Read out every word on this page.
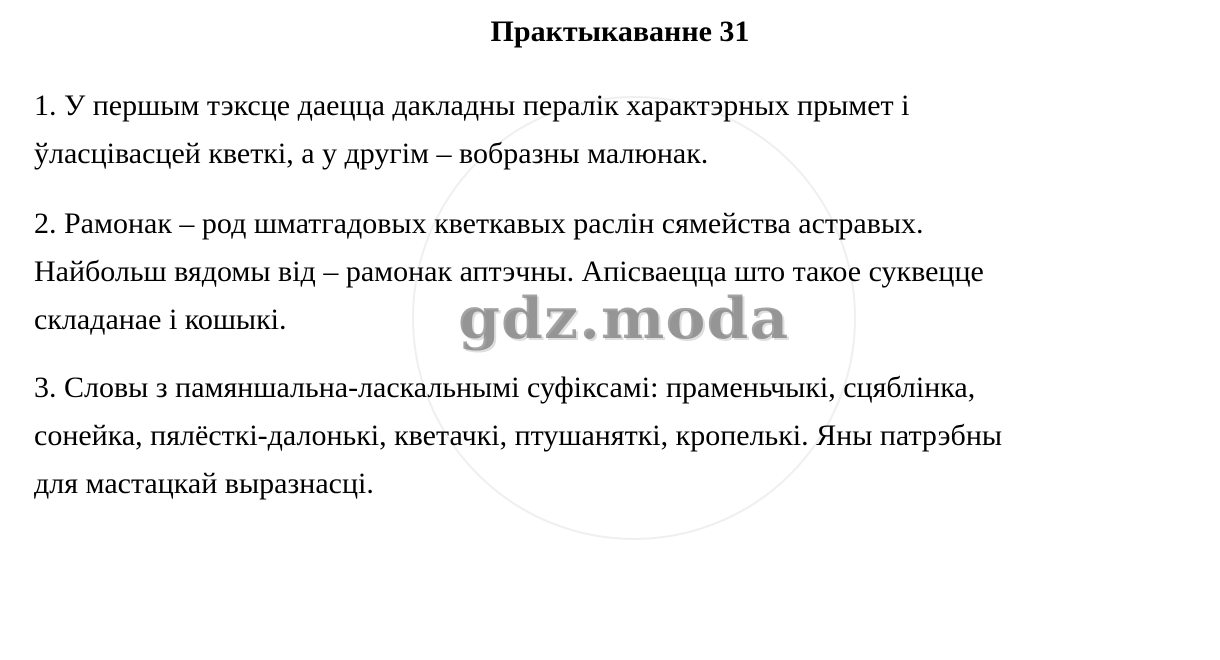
Практыкаванне 31

1. У першым тэксце даецца дакладны пералік характэрных прымет і
ўласцівасцей кветкі, а у другім – вобразны малюнак.

2. Рамонак – род шматгадовых кветкавых раслін сямейства астравых.
Найбольш вядомы від – рамонак аптэчны. Апісваецца што такое суквецце
складанае і кошыкі.

3. Словы з памяншальна-ласкальнымі суфіксамі: праменьчыкі, сцяблінка,
сонейка, пялёсткі-далонькі, кветачкі, птушаняткі, кропелькі. Яны патрэбны
для мастацкай выразнасці.

gdz.moda
